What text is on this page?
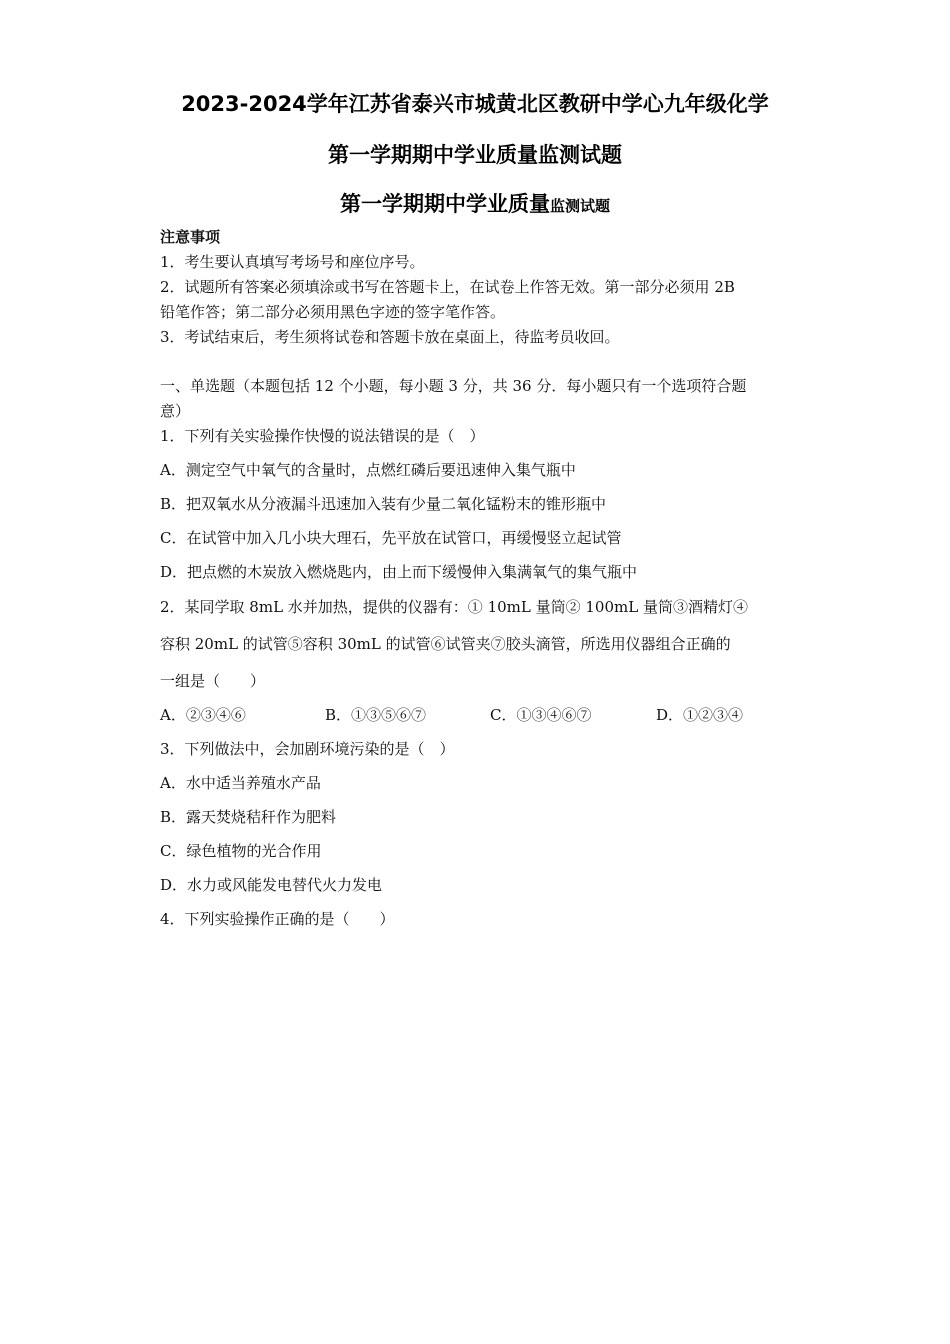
2023-2024学年江苏省泰兴市城黄北区教研中学心九年级化学
第一学期期中学业质量监测试题
第一学期期中学业质量监测试题
注意事项
1．考生要认真填写考场号和座位序号。
2．试题所有答案必须填涂或书写在答题卡上，在试卷上作答无效。第一部分必须用 2B
铅笔作答；第二部分必须用黑色字迹的签字笔作答。
3．考试结束后，考生须将试卷和答题卡放在桌面上，待监考员收回。
一、单选题（本题包括 12 个小题，每小题 3 分，共 36 分．每小题只有一个选项符合题
意）
1．下列有关实验操作快慢的说法错误的是（　）
A．测定空气中氧气的含量时，点燃红磷后要迅速伸入集气瓶中
B．把双氧水从分液漏斗迅速加入装有少量二氧化锰粉末的锥形瓶中
C．在试管中加入几小块大理石，先平放在试管口，再缓慢竖立起试管
D．把点燃的木炭放入燃烧匙内，由上而下缓慢伸入集满氧气的集气瓶中
2．某同学取 8mL 水并加热，提供的仪器有：① 10mL 量筒② 100mL 量筒③酒精灯④
容积 20mL 的试管⑤容积 30mL 的试管⑥试管夹⑦胶头滴管，所选用仪器组合正确的
一组是（　　）
A．②③④⑥	B．①③⑤⑥⑦	C．①③④⑥⑦	D．①②③④
3．下列做法中，会加剧环境污染的是（　）
A．水中适当养殖水产品
B．露天焚烧秸秆作为肥料
C．绿色植物的光合作用
D．水力或风能发电替代火力发电
4．下列实验操作正确的是（　　）
